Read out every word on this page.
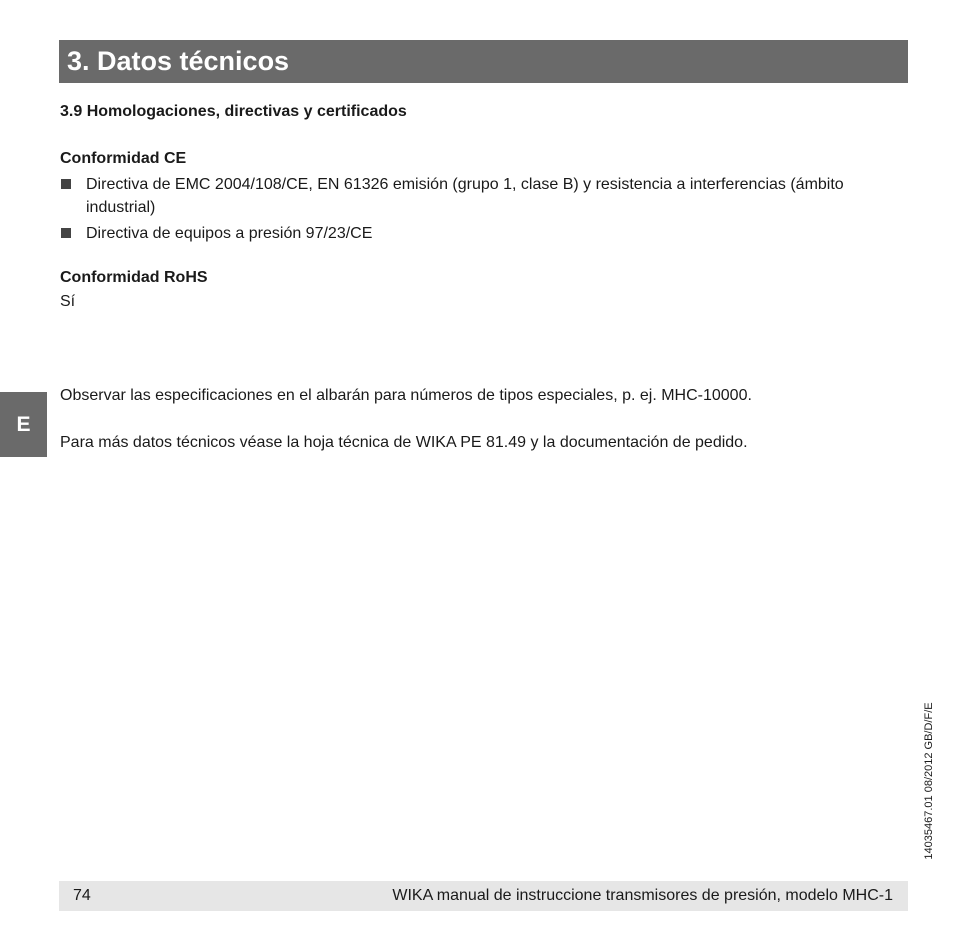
3. Datos técnicos
3.9 Homologaciones, directivas y certificados
Conformidad CE
Directiva de EMC 2004/108/CE, EN 61326 emisión (grupo 1, clase B) y resistencia a interferencias (ámbito industrial)
Directiva de equipos a presión 97/23/CE
Conformidad RoHS
Sí
Observar las especificaciones en el albarán para números de tipos especiales, p. ej. MHC-10000.
Para más datos técnicos véase la hoja técnica de WIKA PE 81.49 y la documentación de pedido.
E
14035467.01 08/2012 GB/D/F/E
74	WIKA manual de instruccione transmisores de presión, modelo MHC-1
